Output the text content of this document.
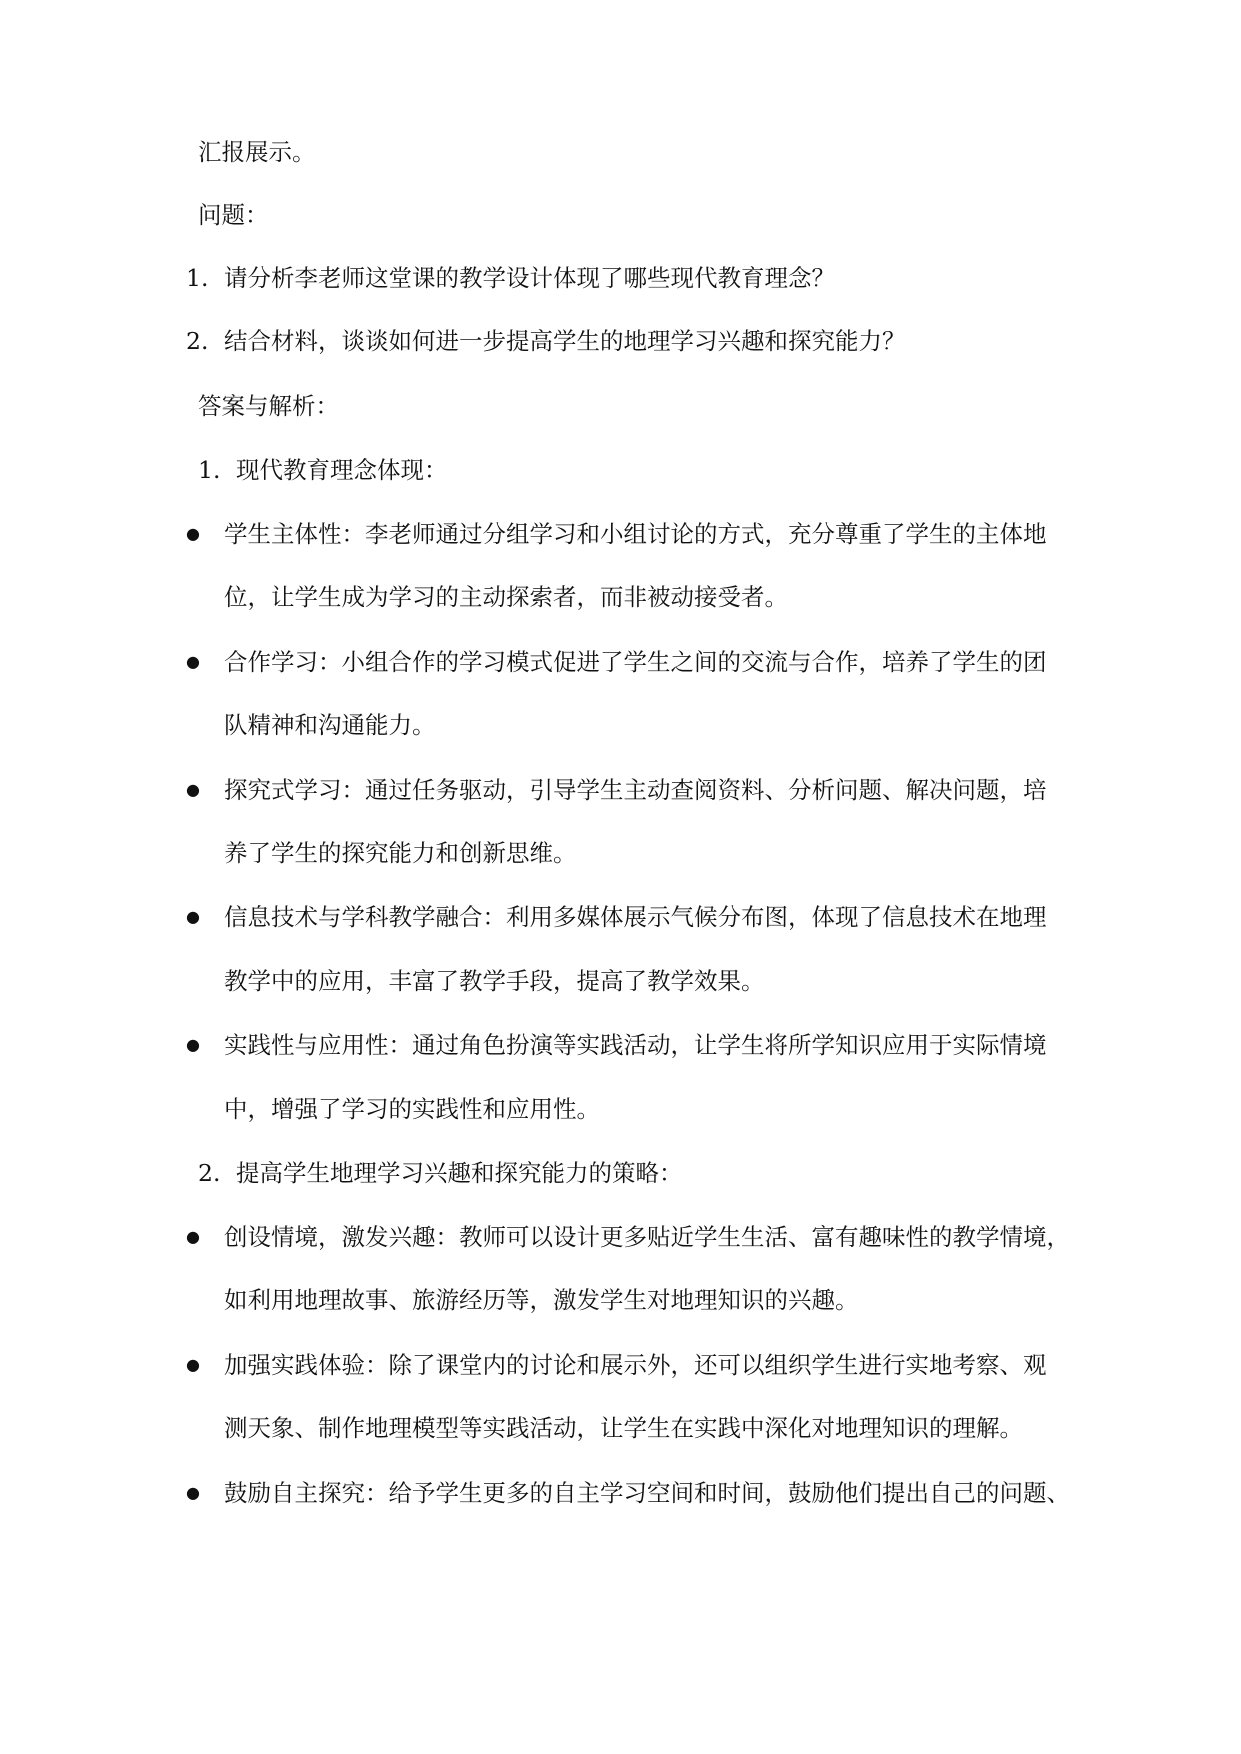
汇报展示。
问题：
1. 请分析李老师这堂课的教学设计体现了哪些现代教育理念？
2. 结合材料，谈谈如何进一步提高学生的地理学习兴趣和探究能力？
答案与解析：
1. 现代教育理念体现：
● 学生主体性：李老师通过分组学习和小组讨论的方式，充分尊重了学生的主体地
位，让学生成为学习的主动探索者，而非被动接受者。
● 合作学习：小组合作的学习模式促进了学生之间的交流与合作，培养了学生的团
队精神和沟通能力。
● 探究式学习：通过任务驱动，引导学生主动查阅资料、分析问题、解决问题，培
养了学生的探究能力和创新思维。
● 信息技术与学科教学融合：利用多媒体展示气候分布图，体现了信息技术在地理
教学中的应用，丰富了教学手段，提高了教学效果。
● 实践性与应用性：通过角色扮演等实践活动，让学生将所学知识应用于实际情境
中，增强了学习的实践性和应用性。
2. 提高学生地理学习兴趣和探究能力的策略：
● 创设情境，激发兴趣：教师可以设计更多贴近学生生活、富有趣味性的教学情境，
如利用地理故事、旅游经历等，激发学生对地理知识的兴趣。
● 加强实践体验：除了课堂内的讨论和展示外，还可以组织学生进行实地考察、观
测天象、制作地理模型等实践活动，让学生在实践中深化对地理知识的理解。
● 鼓励自主探究：给予学生更多的自主学习空间和时间，鼓励他们提出自己的问题、
